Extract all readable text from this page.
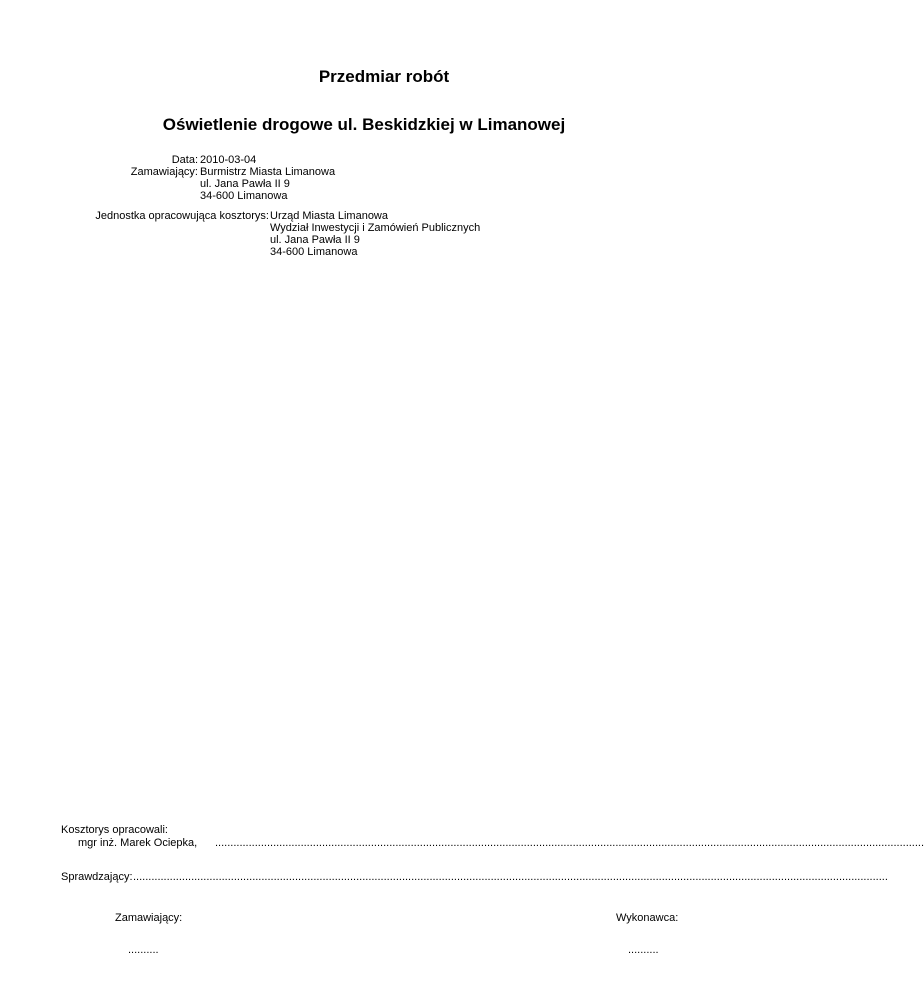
Przedmiar robót
Oświetlenie drogowe ul. Beskidzkiej w Limanowej
Data: 2010-03-04
Zamawiający: Burmistrz Miasta Limanowa
ul. Jana Pawła II 9
34-600 Limanowa
Jednostka opracowująca kosztorys: Urząd Miasta Limanowa
Wydział Inwestycji i Zamówień Publicznych
ul. Jana Pawła II 9
34-600 Limanowa
Kosztorys opracowali:
mgr inż. Marek Ociepka, ........................................................................................................................................................................................................................................
Sprawdzający: .......................................................................................................................................................................................................................................................
Zamawiający:	Wykonawca:
..........	..........
